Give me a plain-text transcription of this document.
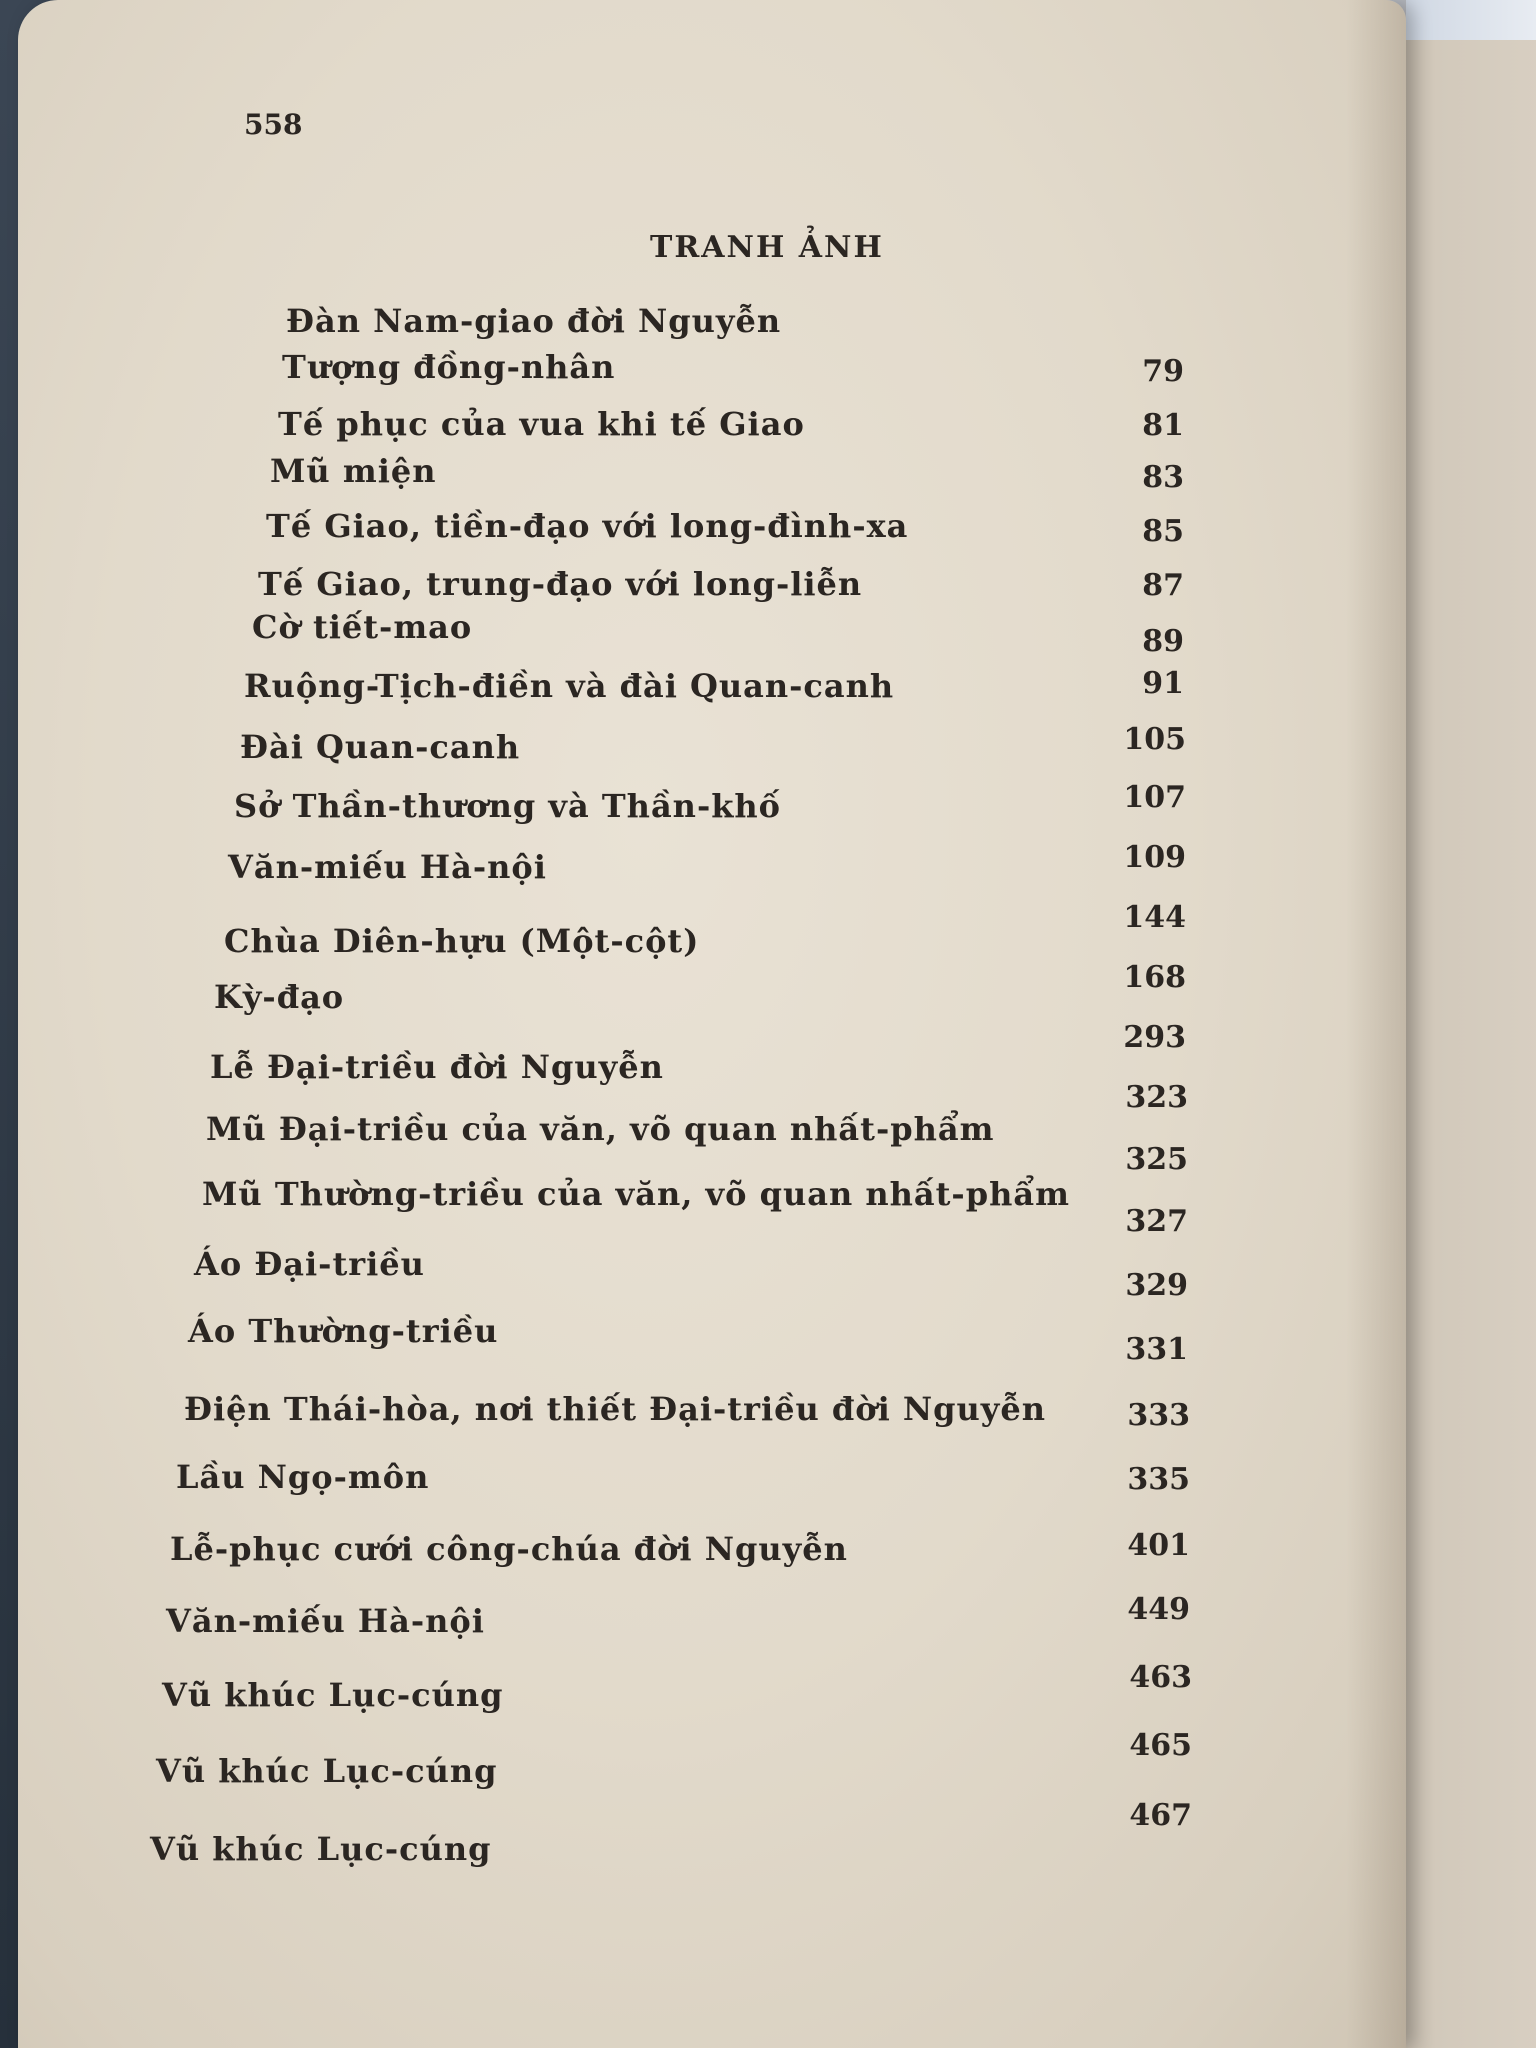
558
TRANH ẢNH
Đàn Nam-giao đời Nguyễn
Tượng đồng-nhân
Tế phục của vua khi tế Giao
Mũ miện
Tế Giao, tiền-đạo với long-đình-xa
Tế Giao, trung-đạo với long-liễn
Cờ tiết-mao
Ruộng-Tịch-điền và đài Quan-canh
Đài Quan-canh
Sở Thần-thương và Thần-khố
Văn-miếu Hà-nội
Chùa Diên-hựu (Một-cột)
Kỳ-đạo
Lễ Đại-triều đời Nguyễn
Mũ Đại-triều của văn, võ quan nhất-phẩm
Mũ Thường-triều của văn, võ quan nhất-phẩm
Áo Đại-triều
Áo Thường-triều
Điện Thái-hòa, nơi thiết Đại-triều đời Nguyễn
Lầu Ngọ-môn
Lễ-phục cưới công-chúa đời Nguyễn
Văn-miếu Hà-nội
Vũ khúc Lục-cúng
Vũ khúc Lục-cúng
Vũ khúc Lục-cúng
79
81
83
85
87
89
91
105
107
109
144
168
293
323
325
327
329
331
333
335
401
449
463
465
467
